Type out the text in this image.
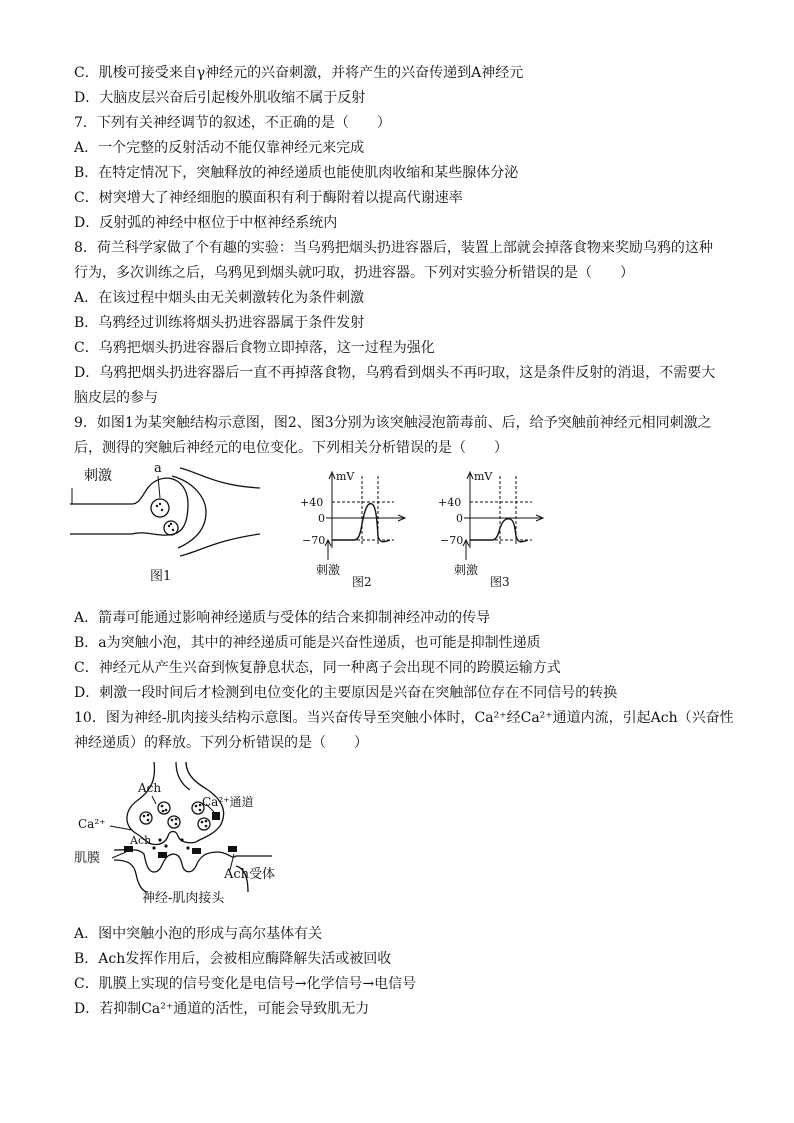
C．肌梭可接受来自γ神经元的兴奋刺激，并将产生的兴奋传递到A神经元
D．大脑皮层兴奋后引起梭外肌收缩不属于反射
7．下列有关神经调节的叙述，不正确的是（　　）
A．一个完整的反射活动不能仅靠神经元来完成
B．在特定情况下，突触释放的神经递质也能使肌肉收缩和某些腺体分泌
C．树突增大了神经细胞的膜面积有利于酶附着以提高代谢速率
D．反射弧的神经中枢位于中枢神经系统内
8．荷兰科学家做了个有趣的实验：当乌鸦把烟头扔进容器后，装置上部就会掉落食物来奖励乌鸦的这种
行为，多次训练之后，乌鸦见到烟头就叼取，扔进容器。下列对实验分析错误的是（　　）
A．在该过程中烟头由无关刺激转化为条件刺激
B．乌鸦经过训练将烟头扔进容器属于条件发射
C．乌鸦把烟头扔进容器后食物立即掉落，这一过程为强化
D．乌鸦把烟头扔进容器后一直不再掉落食物，乌鸦看到烟头不再叼取，这是条件反射的消退，不需要大
脑皮层的参与
9．如图1为某突触结构示意图，图2、图3分别为该突触浸泡箭毒前、后，给予突触前神经元相同刺激之
后，测得的突触后神经元的电位变化。下列相关分析错误的是（　　）
刺激	a
图1
mV
+40
0
−70
刺激
图2
mV
+40
0
−70
刺激
图3
A．箭毒可能通过影响神经递质与受体的结合来抑制神经冲动的传导
B．a为突触小泡，其中的神经递质可能是兴奋性递质，也可能是抑制性递质
C．神经元从产生兴奋到恢复静息状态，同一种离子会出现不同的跨膜运输方式
D．刺激一段时间后才检测到电位变化的主要原因是兴奋在突触部位存在不同信号的转换
10．图为神经-肌肉接头结构示意图。当兴奋传导至突触小体时，Ca²⁺经Ca²⁺通道内流，引起Ach（兴奋性
神经递质）的释放。下列分析错误的是（　　）
Ach
Ca²⁺通道
Ca²⁺
Ach
肌膜
Ach受体
神经-肌肉接头
A．图中突触小泡的形成与高尔基体有关
B．Ach发挥作用后，会被相应酶降解失活或被回收
C．肌膜上实现的信号变化是电信号→化学信号→电信号
D．若抑制Ca²⁺通道的活性，可能会导致肌无力
